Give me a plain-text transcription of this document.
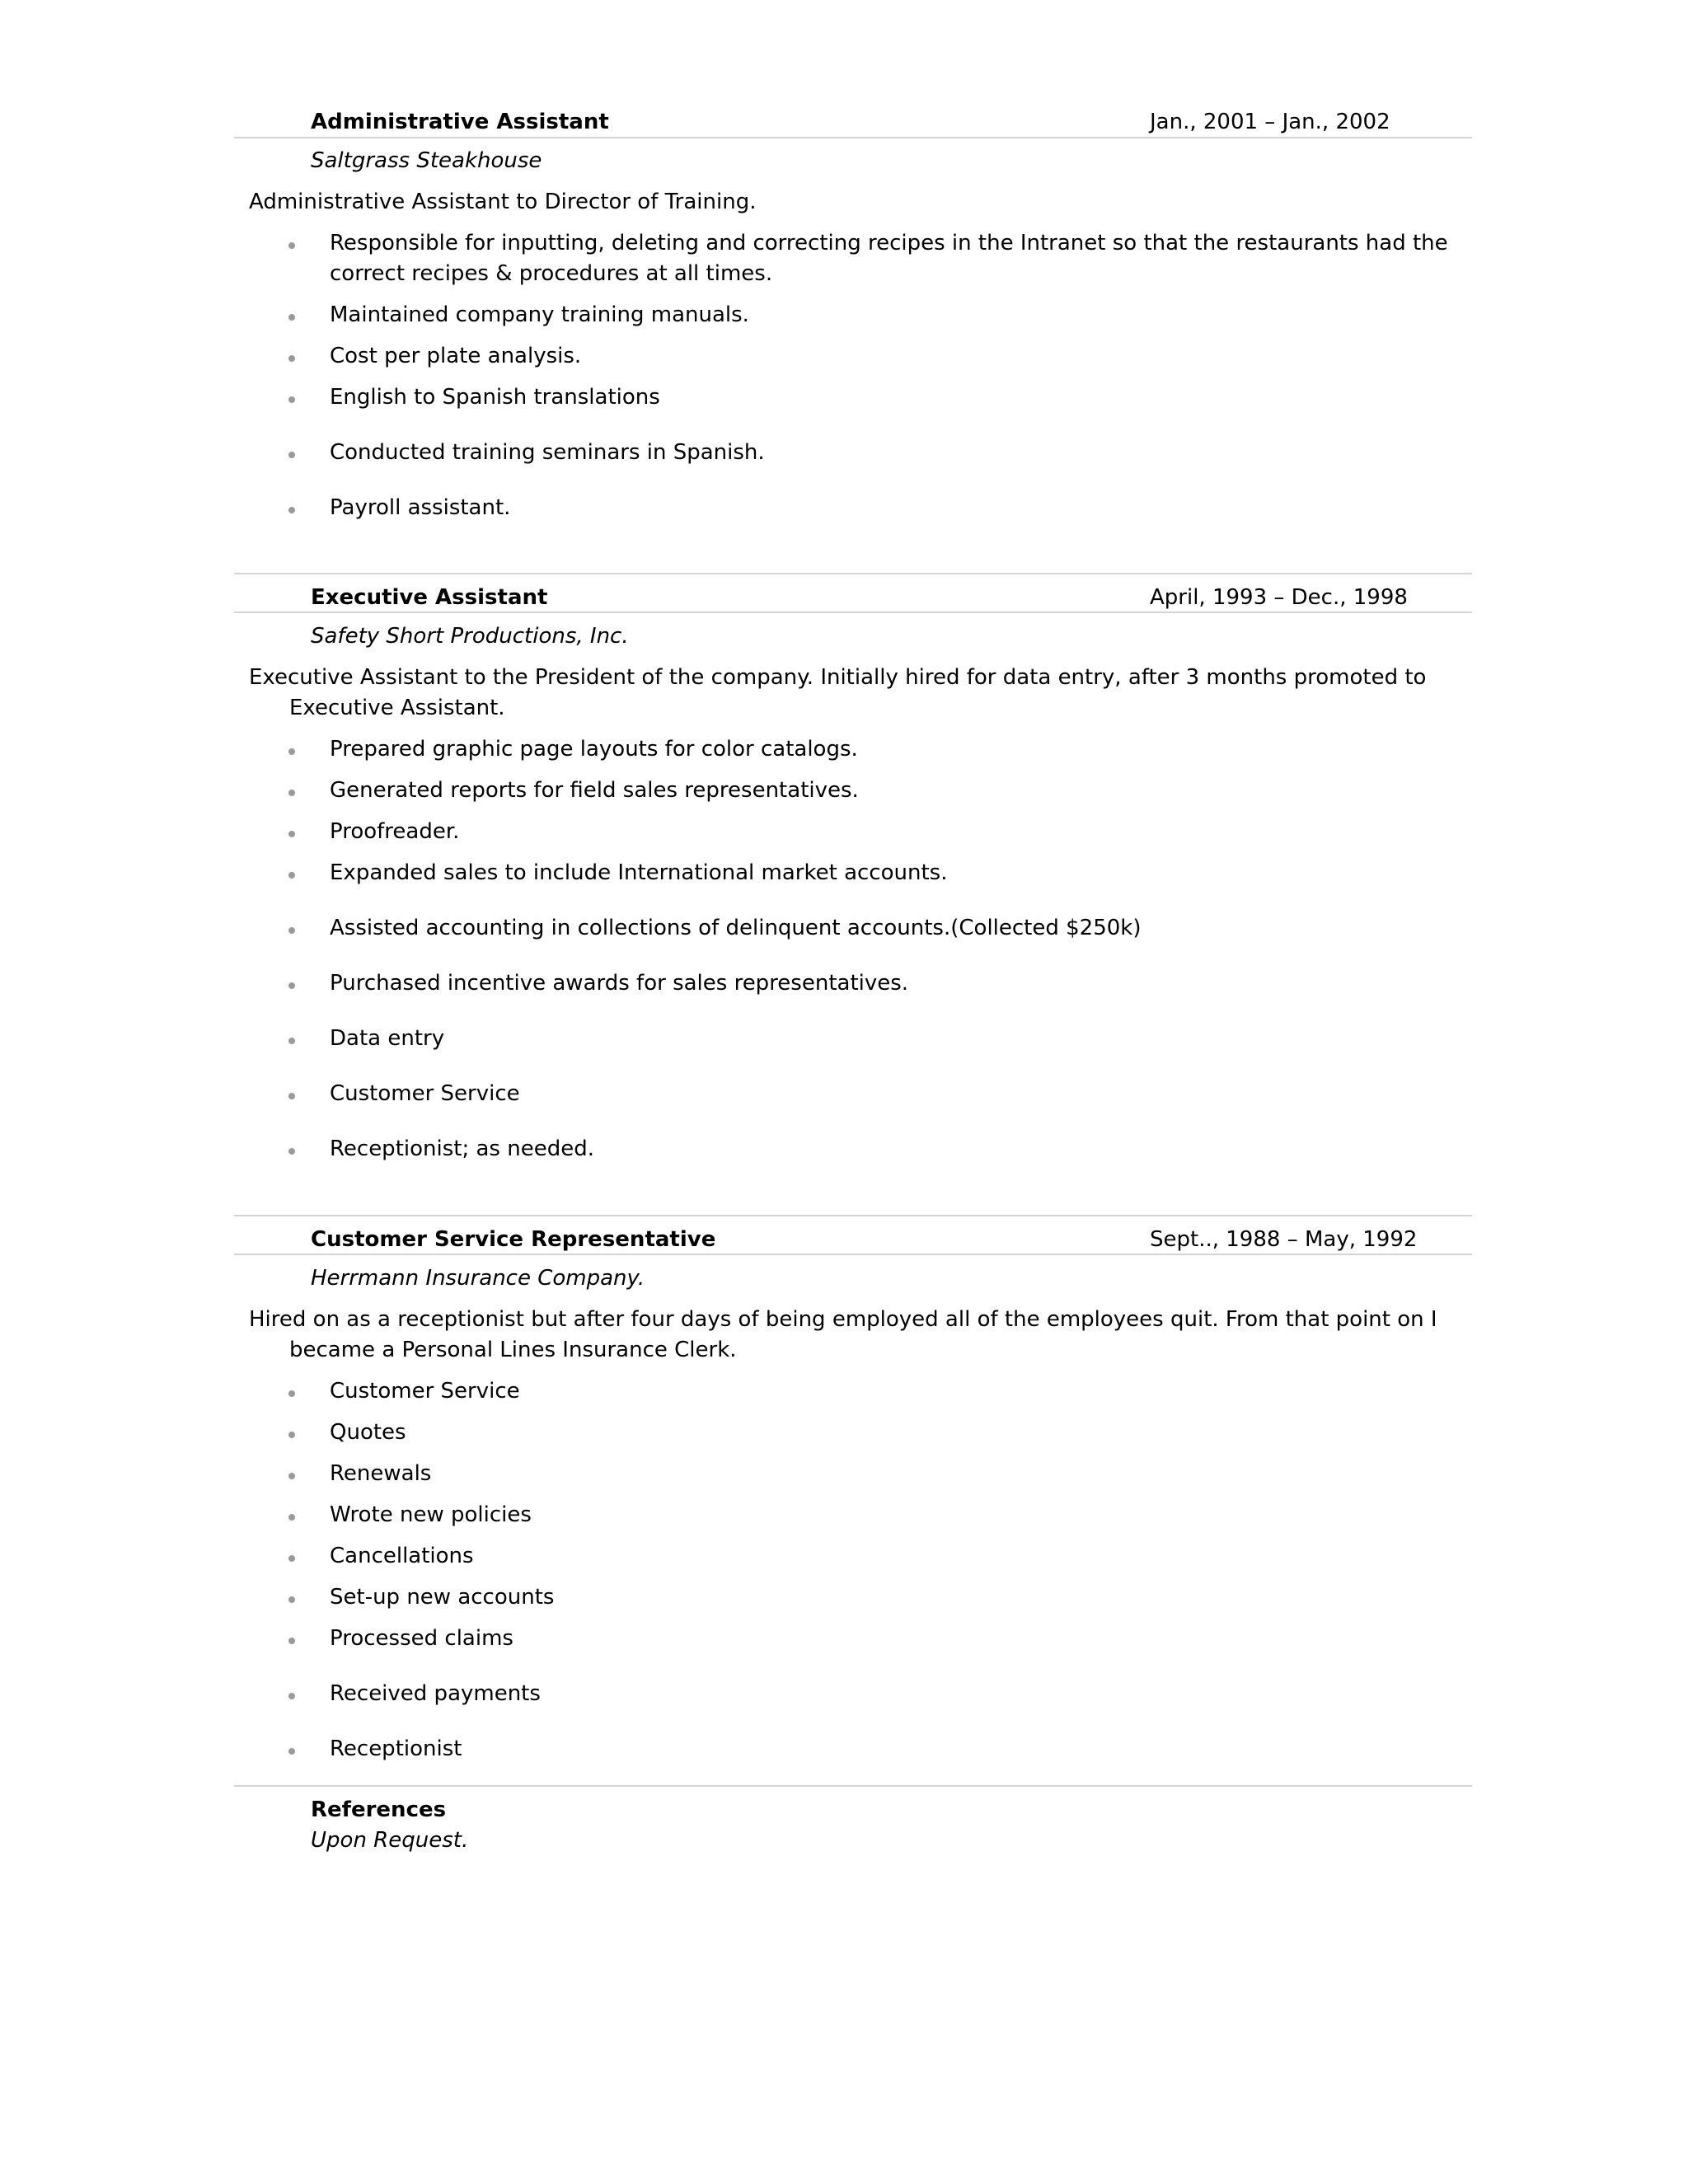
Administrative Assistant	Jan., 2001 – Jan., 2002
Saltgrass Steakhouse
Administrative Assistant to Director of Training.
Responsible for inputting, deleting and correcting recipes in the Intranet so that the restaurants had the correct recipes & procedures at all times.
Maintained company training manuals.
Cost per plate analysis.
English to Spanish translations
Conducted training seminars in Spanish.
Payroll assistant.
Executive Assistant	April, 1993 – Dec., 1998
Safety Short Productions, Inc.
Executive Assistant to the President of the company. Initially hired for data entry, after 3 months promoted to Executive Assistant.
Prepared graphic page layouts for color catalogs.
Generated reports for field sales representatives.
Proofreader.
Expanded sales to include International market accounts.
Assisted accounting in collections of delinquent accounts.(Collected $250k)
Purchased incentive awards for sales representatives.
Data entry
Customer Service
Receptionist; as needed.
Customer Service Representative	Sept.., 1988 – May, 1992
Herrmann Insurance Company.
Hired on as a receptionist but after four days of being employed all of the employees quit. From that point on I became a Personal Lines Insurance Clerk.
Customer Service
Quotes
Renewals
Wrote new policies
Cancellations
Set-up new accounts
Processed claims
Received payments
Receptionist
References
Upon Request.
